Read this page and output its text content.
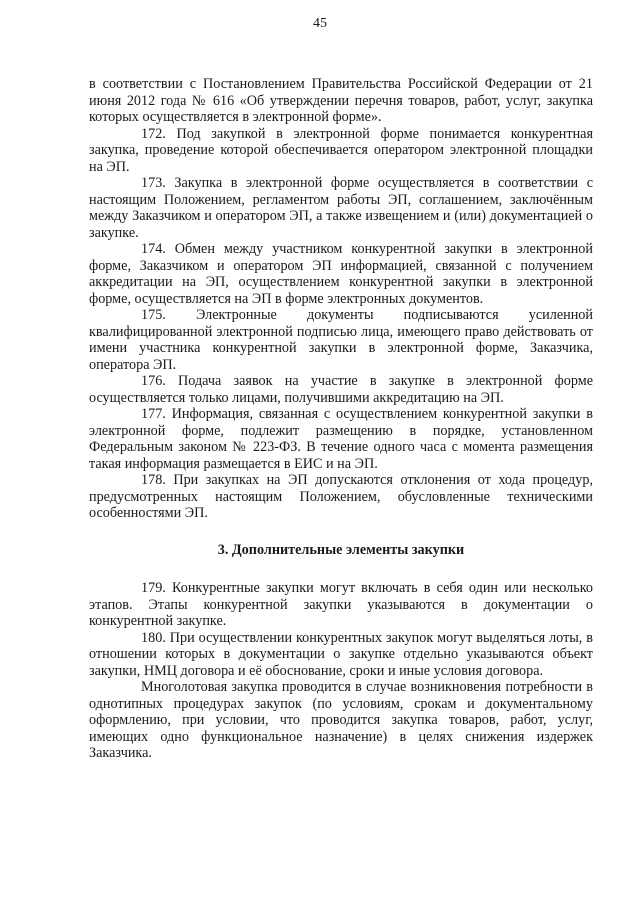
45

в соответствии с Постановлением Правительства Российской Федерации от 21 июня 2012 года № 616 «Об утверждении перечня товаров, работ, услуг, закупка которых осуществляется в электронной форме».

172. Под закупкой в электронной форме понимается конкурентная закупка, проведение которой обеспечивается оператором электронной площадки на ЭП.

173. Закупка в электронной форме осуществляется в соответствии с настоящим Положением, регламентом работы ЭП, соглашением, заключённым между Заказчиком и оператором ЭП, а также извещением и (или) документацией о закупке.

174. Обмен между участником конкурентной закупки в электронной форме, Заказчиком и оператором ЭП информацией, связанной с получением аккредитации на ЭП, осуществлением конкурентной закупки в электронной форме, осуществляется на ЭП в форме электронных документов.

175. Электронные документы подписываются усиленной квалифицированной электронной подписью лица, имеющего право действовать от имени участника конкурентной закупки в электронной форме, Заказчика, оператора ЭП.

176. Подача заявок на участие в закупке в электронной форме осуществляется только лицами, получившими аккредитацию на ЭП.

177. Информация, связанная с осуществлением конкурентной закупки в электронной форме, подлежит размещению в порядке, установленном Федеральным законом № 223-ФЗ. В течение одного часа с момента размещения такая информация размещается в ЕИС и на ЭП.

178. При закупках на ЭП допускаются отклонения от хода процедур, предусмотренных настоящим Положением, обусловленные техническими особенностями ЭП.

3. Дополнительные элементы закупки

179. Конкурентные закупки могут включать в себя один или несколько этапов. Этапы конкурентной закупки указываются в документации о конкурентной закупке.

180. При осуществлении конкурентных закупок могут выделяться лоты, в отношении которых в документации о закупке отдельно указываются объект закупки, НМЦ договора и её обоснование, сроки и иные условия договора.

Многолотовая закупка проводится в случае возникновения потребности в однотипных процедурах закупок (по условиям, срокам и документальному оформлению, при условии, что проводится закупка товаров, работ, услуг, имеющих одно функциональное назначение) в целях снижения издержек Заказчика.
